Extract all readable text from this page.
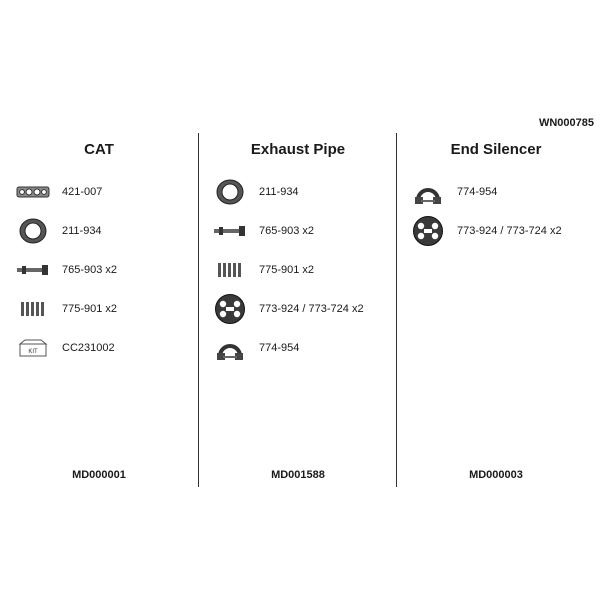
WN000785
CAT
421-007
211-934
765-903 x2
775-901 x2
KIT CC231002
MD000001
Exhaust Pipe
211-934
765-903 x2
775-901 x2
773-924 / 773-724 x2
774-954
MD001588
End Silencer
774-954
773-924 / 773-724 x2
MD000003
